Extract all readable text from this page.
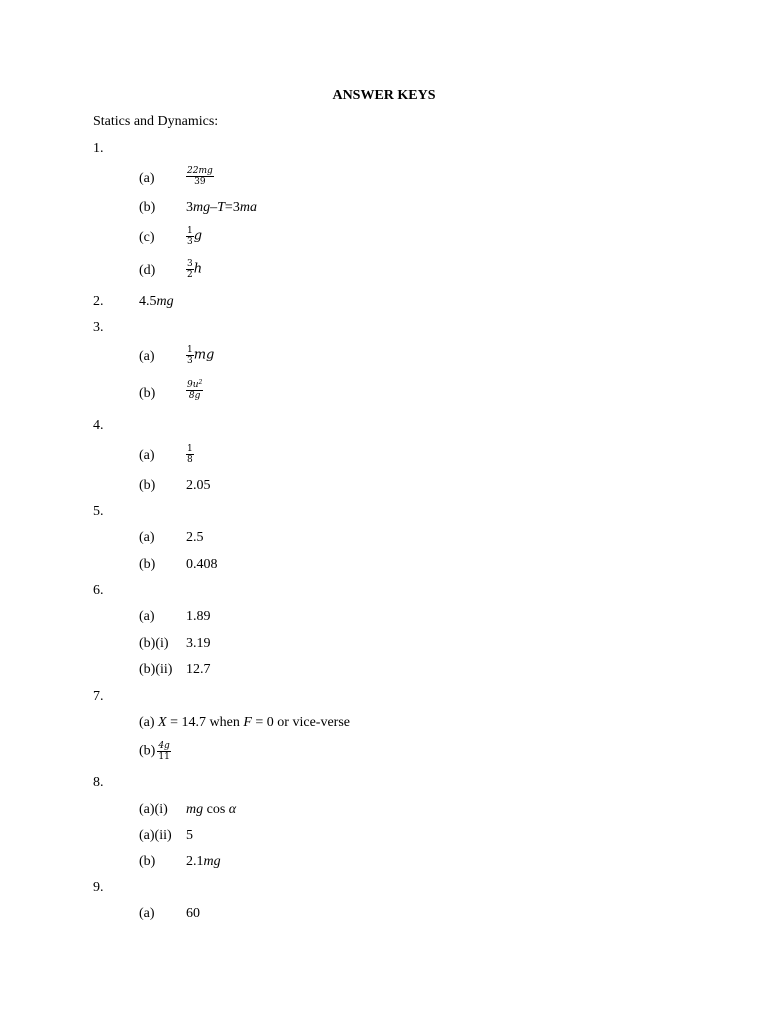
ANSWER KEYS
Statics and Dynamics:
1.
(a)	$\frac{22mg}{39}$
(b) 3mg–T=3ma
(c)	$\frac{1}{3}$ g
(d)	$\frac{3}{2}$ h
2.	4.5mg
3.
(a)	$\frac{1}{3}$ mg
(b)	$\frac{9u^2}{8g}$
4.
(a)	$\frac{1}{8}$
(b) 2.05
5.
(a) 2.5
(b) 0.408
6.
(a) 1.89
(b)(i) 3.19
(b)(ii) 12.7
7.
(a) X = 14.7 when F = 0 or vice-verse
$(b) \frac{4g}{11}$
8.
(a)(i) mg cos α
(a)(ii) 5
(b) 2.1mg
9.
(a) 60
